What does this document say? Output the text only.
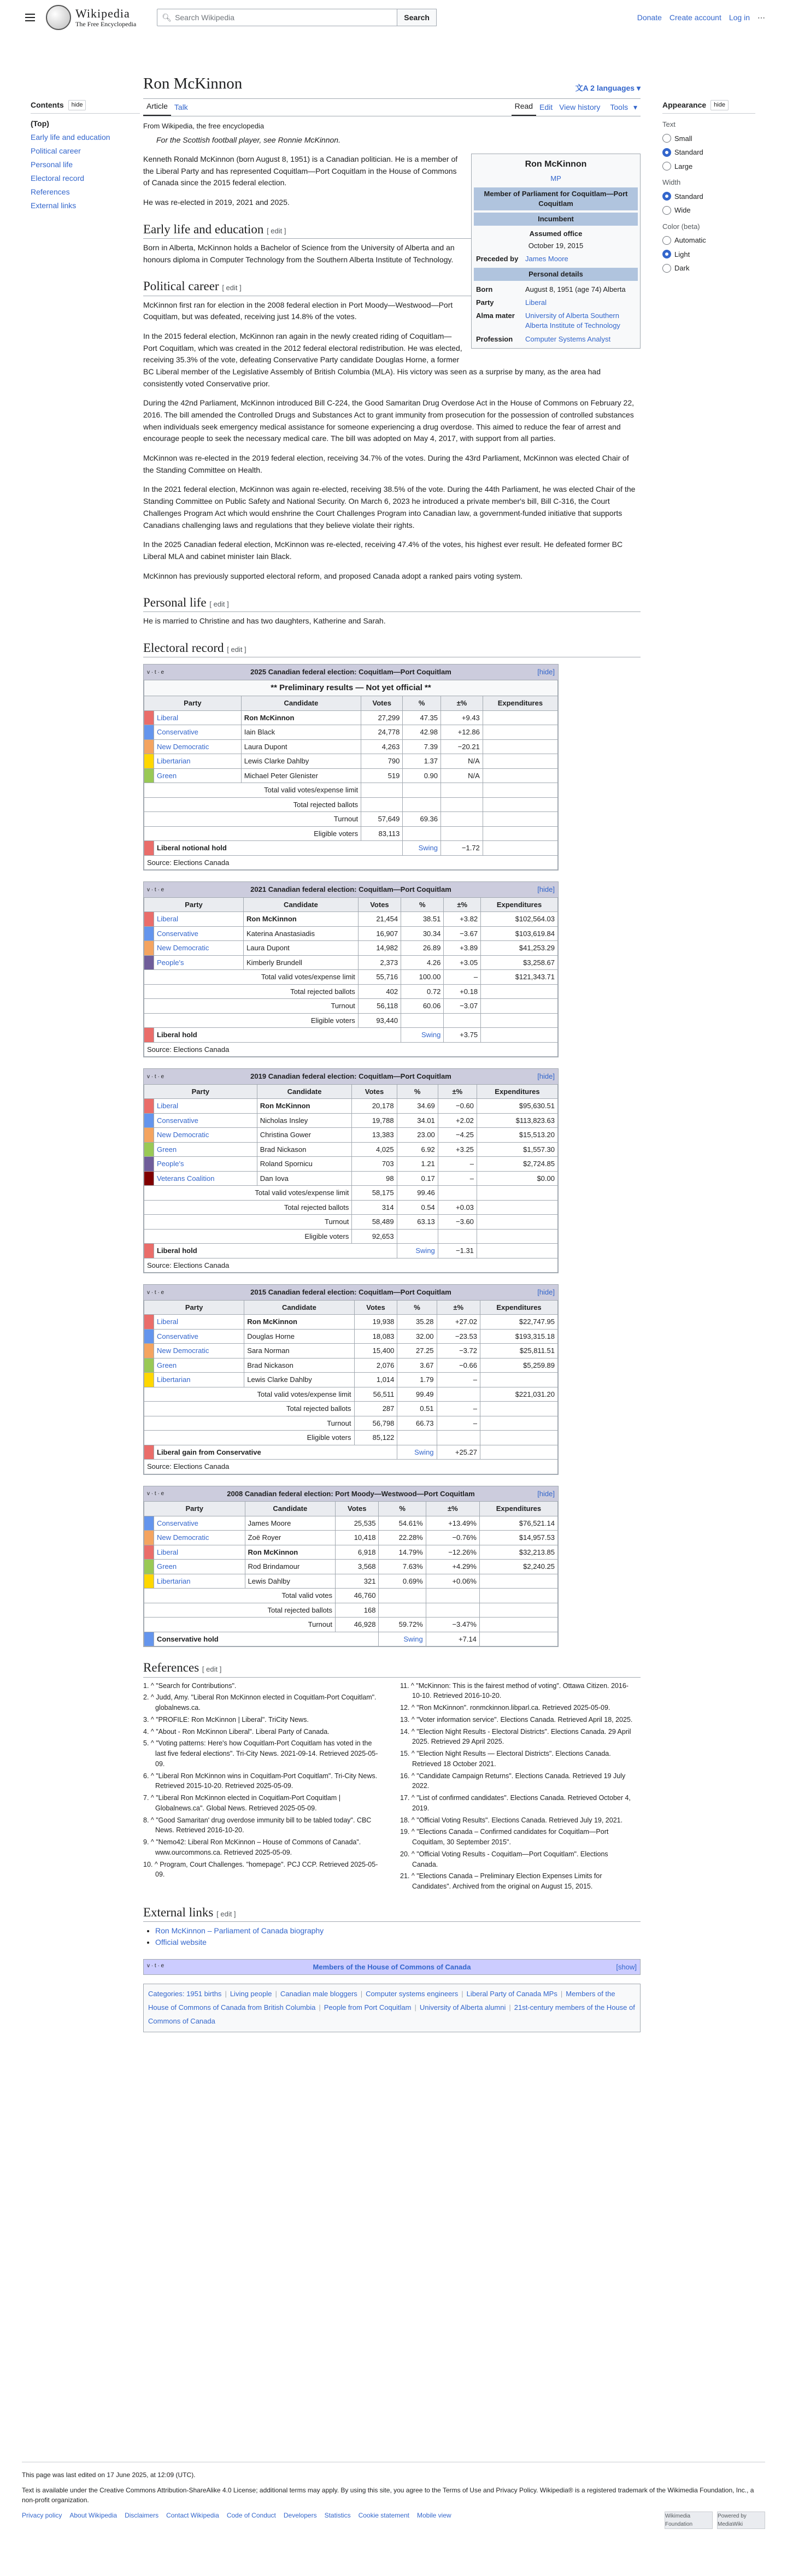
Wikipedia
The Free Encyclopedia
🔍︎ Search Wikipedia	Search	Donate Create account Log in ⋯
Contents	hide
(Top)
Early life and education
Political career
Personal life
Electoral record
References
External links
Ron McKinnon	文A 2 languages ▾
Article Talk	Read Edit View history	Tools ▾
From Wikipedia, the free encyclopedia
For the Scottish football player, see Ronnie McKinnon.
Ron McKinnon
MP
Member of Parliament for Coquitlam—Port Coquitlam
Incumbent
Assumed office
October 19, 2015
Preceded by James Moore
Personal details
Born	August 8, 1951 (age 74) Alberta
Party	Liberal
Alma mater	University of Alberta Southern Alberta Institute of Technology
Profession	Computer Systems Analyst

Kenneth Ronald McKinnon (born August 8, 1951) is a Canadian politician. He is a member of the Liberal Party and has represented Coquitlam—Port Coquitlam in the House of Commons of Canada since the 2015 federal election.

He was re-elected in 2019, 2021 and 2025.

Early life and education [ edit ]

Born in Alberta, McKinnon holds a Bachelor of Science from the University of Alberta and an honours diploma in Computer Technology from the Southern Alberta Institute of Technology.

Political career [ edit ]

McKinnon first ran for election in the 2008 federal election in Port Moody—Westwood—Port Coquitlam, but was defeated, receiving just 14.8% of the votes.

In the 2015 federal election, McKinnon ran again in the newly created riding of Coquitlam—Port Coquitlam, which was created in the 2012 federal electoral redistribution. He was elected, receiving 35.3% of the vote, defeating Conservative Party candidate Douglas Horne, a former BC Liberal member of the Legislative Assembly of British Columbia (MLA). His victory was seen as a surprise by many, as the area had consistently voted Conservative prior.

During the 42nd Parliament, McKinnon introduced Bill C-224, the Good Samaritan Drug Overdose Act in the House of Commons on February 22, 2016. The bill amended the Controlled Drugs and Substances Act to grant immunity from prosecution for the possession of controlled substances when individuals seek emergency medical assistance for someone experiencing a drug overdose. This aimed to reduce the fear of arrest and encourage people to seek the necessary medical care. The bill was adopted on May 4, 2017, with support from all parties.

McKinnon was re-elected in the 2019 federal election, receiving 34.7% of the votes. During the 43rd Parliament, McKinnon was elected Chair of the Standing Committee on Health.

In the 2021 federal election, McKinnon was again re-elected, receiving 38.5% of the vote. During the 44th Parliament, he was elected Chair of the Standing Committee on Public Safety and National Security. On March 6, 2023 he introduced a private member's bill, Bill C-316, the Court Challenges Program Act which would enshrine the Court Challenges Program into Canadian law, a government-funded initiative that supports Canadians challenging laws and regulations that they believe violate their rights.

In the 2025 Canadian federal election, McKinnon was re-elected, receiving 47.4% of the votes, his highest ever result. He defeated former BC Liberal MLA and cabinet minister Iain Black.

McKinnon has previously supported electoral reform, and proposed Canada adopt a ranked pairs voting system.

Personal life [ edit ]

He is married to Christine and has two daughters, Katherine and Sarah.

Electoral record [ edit ]
v · t · e	2025 Canadian federal election: Coquitlam—Port Coquitlam	[hide]
** Preliminary results — Not yet official **						
Party		Candidate	Votes	%	±%	Expenditures
	Liberal	Ron McKinnon	27,299	47.35	+9.43	
	Conservative	Iain Black	24,778	42.98	+12.86	
	New Democratic	Laura Dupont	4,263	7.39	−20.21	
	Libertarian	Lewis Clarke Dahlby	790	1.37	N/A	
	Green	Michael Peter Glenister	519	0.90	N/A	
Total valid votes/expense limit						
Total rejected ballots						
Turnout			57,649	69.36		
Eligible voters			83,113			
	Liberal notional hold			Swing	−1.72	
Source: Elections Canada						
v · t · e	2021 Canadian federal election: Coquitlam—Port Coquitlam	[hide]
Party		Candidate	Votes	%	±%	Expenditures
	Liberal	Ron McKinnon	21,454	38.51	+3.82	$102,564.03
	Conservative	Katerina Anastasiadis	16,907	30.34	−3.67	$103,619.84
	New Democratic	Laura Dupont	14,982	26.89	+3.89	$41,253.29
	People's	Kimberly Brundell	2,373	4.26	+3.05	$3,258.67
Total valid votes/expense limit			55,716	100.00	–	$121,343.71
Total rejected ballots			402	0.72	+0.18	
Turnout			56,118	60.06	−3.07	
Eligible voters			93,440			
	Liberal hold			Swing	+3.75	
Source: Elections Canada						
v · t · e	2019 Canadian federal election: Coquitlam—Port Coquitlam	[hide]
Party		Candidate	Votes	%	±%	Expenditures
	Liberal	Ron McKinnon	20,178	34.69	−0.60	$95,630.51
	Conservative	Nicholas Insley	19,788	34.01	+2.02	$113,823.63
	New Democratic	Christina Gower	13,383	23.00	−4.25	$15,513.20
	Green	Brad Nickason	4,025	6.92	+3.25	$1,557.30
	People's	Roland Spornicu	703	1.21	–	$2,724.85
	Veterans Coalition	Dan Iova	98	0.17	–	$0.00
Total valid votes/expense limit			58,175	99.46		
Total rejected ballots			314	0.54	+0.03	
Turnout			58,489	63.13	−3.60	
Eligible voters			92,653			
	Liberal hold			Swing	−1.31	
Source: Elections Canada						
v · t · e	2015 Canadian federal election: Coquitlam—Port Coquitlam	[hide]
Party		Candidate	Votes	%	±%	Expenditures
	Liberal	Ron McKinnon	19,938	35.28	+27.02	$22,747.95
	Conservative	Douglas Horne	18,083	32.00	−23.53	$193,315.18
	New Democratic	Sara Norman	15,400	27.25	−3.72	$25,811.51
	Green	Brad Nickason	2,076	3.67	−0.66	$5,259.89
	Libertarian	Lewis Clarke Dahlby	1,014	1.79	–	
Total valid votes/expense limit			56,511	99.49		$221,031.20
Total rejected ballots			287	0.51	–	
Turnout			56,798	66.73	–	
Eligible voters			85,122			
	Liberal gain from Conservative			Swing	+25.27	
Source: Elections Canada						
v · t · e	2008 Canadian federal election: Port Moody—Westwood—Port Coquitlam	[hide]
Party		Candidate	Votes	%	±%	Expenditures
	Conservative	James Moore	25,535	54.61%	+13.49%	$76,521.14
	New Democratic	Zoë Royer	10,418	22.28%	−0.76%	$14,957.53
	Liberal	Ron McKinnon	6,918	14.79%	−12.26%	$32,213.85
	Green	Rod Brindamour	3,568	7.63%	+4.29%	$2,240.25
	Libertarian	Lewis Dahlby	321	0.69%	+0.06%	
Total valid votes			46,760			
Total rejected ballots			168			
Turnout			46,928	59.72%	−3.47%	
	Conservative hold			Swing	+7.14	
References [ edit ]
1. ^ "Search for Contributions".
2. ^ Judd, Amy. "Liberal Ron McKinnon elected in Coquitlam-Port Coquitlam". globalnews.ca.
3. ^ "PROFILE: Ron McKinnon | Liberal". TriCity News.
4. ^ "About - Ron McKinnon Liberal". Liberal Party of Canada.
5. ^ "Voting patterns: Here's how Coquitlam-Port Coquitlam has voted in the last five federal elections". Tri-City News. 2021-09-14. Retrieved 2025-05-09.
6. ^ "Liberal Ron McKinnon wins in Coquitlam-Port Coquitlam". Tri-City News. Retrieved 2015-10-20. Retrieved 2025-05-09.
7. ^ "Liberal Ron McKinnon elected in Coquitlam-Port Coquitlam | Globalnews.ca". Global News. Retrieved 2025-05-09.
8. ^ "Good Samaritan' drug overdose immunity bill to be tabled today". CBC News. Retrieved 2016-10-20.
9. ^ "Nemo42: Liberal Ron McKinnon – House of Commons of Canada". www.ourcommons.ca. Retrieved 2025-05-09.
10. ^ Program, Court Challenges. "homepage". PCJ CCP. Retrieved 2025-05-09.
11. ^ "McKinnon: This is the fairest method of voting". Ottawa Citizen. 2016-10-10. Retrieved 2016-10-20.
12. ^ "Ron McKinnon". ronmckinnon.libparl.ca. Retrieved 2025-05-09.
13. ^ "Voter information service". Elections Canada. Retrieved April 18, 2025.
14. ^ "Election Night Results - Electoral Districts". Elections Canada. 29 April 2025. Retrieved 29 April 2025.
15. ^ "Election Night Results — Electoral Districts". Elections Canada. Retrieved 18 October 2021.
16. ^ "Candidate Campaign Returns". Elections Canada. Retrieved 19 July 2022.
17. ^ "List of confirmed candidates". Elections Canada. Retrieved October 4, 2019.
18. ^ "Official Voting Results". Elections Canada. Retrieved July 19, 2021.
19. ^ "Elections Canada – Confirmed candidates for Coquitlam—Port Coquitlam, 30 September 2015".
20. ^ "Official Voting Results - Coquitlam—Port Coquitlam". Elections Canada.
21. ^ "Elections Canada – Preliminary Election Expenses Limits for Candidates". Archived from the original on August 15, 2015.
External links [ edit ]
• Ron McKinnon – Parliament of Canada biography
• Official website
v · t · e	Members of the House of Commons of Canada	[show]
Categories: 1951 births | Living people | Canadian male bloggers | Computer systems engineers | Liberal Party of Canada MPs | Members of the House of Commons of Canada from British Columbia | People from Port Coquitlam | University of Alberta alumni | 21st-century members of the House of Commons of Canada
Appearance	hide
Text
Small
Standard
Large
Width
Standard
Wide
Color (beta)
Automatic
Light
Dark

This page was last edited on 17 June 2025, at 12:09 (UTC).

Text is available under the Creative Commons Attribution-ShareAlike 4.0 License; additional terms may apply. By using this site, you agree to the Terms of Use and Privacy Policy. Wikipedia® is a registered trademark of the Wikimedia Foundation, Inc., a non-profit organization.

Privacy policy About Wikipedia Disclaimers Contact Wikipedia Code of Conduct Developers Statistics Cookie statement Mobile view	Wikimedia Foundation
Powered by MediaWiki
